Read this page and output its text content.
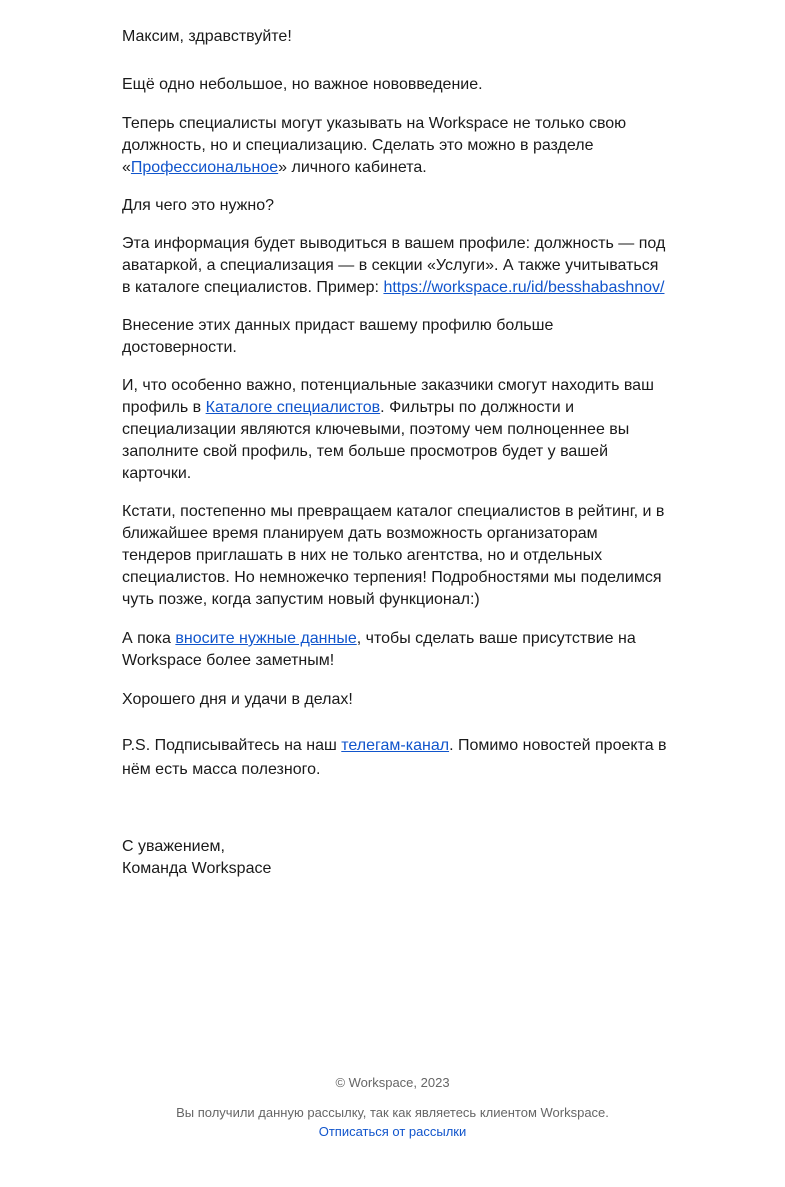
Максим, здравствуйте!

Ещё одно небольшое, но важное нововведение.

Теперь специалисты могут указывать на Workspace не только свою должность, но и специализацию. Сделать это можно в разделе «Профессиональное» личного кабинета.

Для чего это нужно?

Эта информация будет выводиться в вашем профиле: должность — под аватаркой, а специализация — в секции «Услуги». А также учитываться в каталоге специалистов. Пример: https://workspace.ru/id/besshabashnov/

Внесение этих данных придаст вашему профилю больше достоверности.

И, что особенно важно, потенциальные заказчики смогут находить ваш профиль в Каталоге специалистов. Фильтры по должности и специализации являются ключевыми, поэтому чем полноценнее вы заполните свой профиль, тем больше просмотров будет у вашей карточки.

Кстати, постепенно мы превращаем каталог специалистов в рейтинг, и в ближайшее время планируем дать возможность организаторам тендеров приглашать в них не только агентства, но и отдельных специалистов. Но немножечко терпения! Подробностями мы поделимся чуть позже, когда запустим новый функционал:)

А пока вносите нужные данные, чтобы сделать ваше присутствие на Workspace более заметным!

Хорошего дня и удачи в делах!

P.S. Подписывайтесь на наш телегам-канал. Помимо новостей проекта в нём есть масса полезного.

С уважением,

Команда Workspace

© Workspace, 2023
Вы получили данную рассылку, так как являетесь клиентом Workspace.
Отписаться от рассылки
